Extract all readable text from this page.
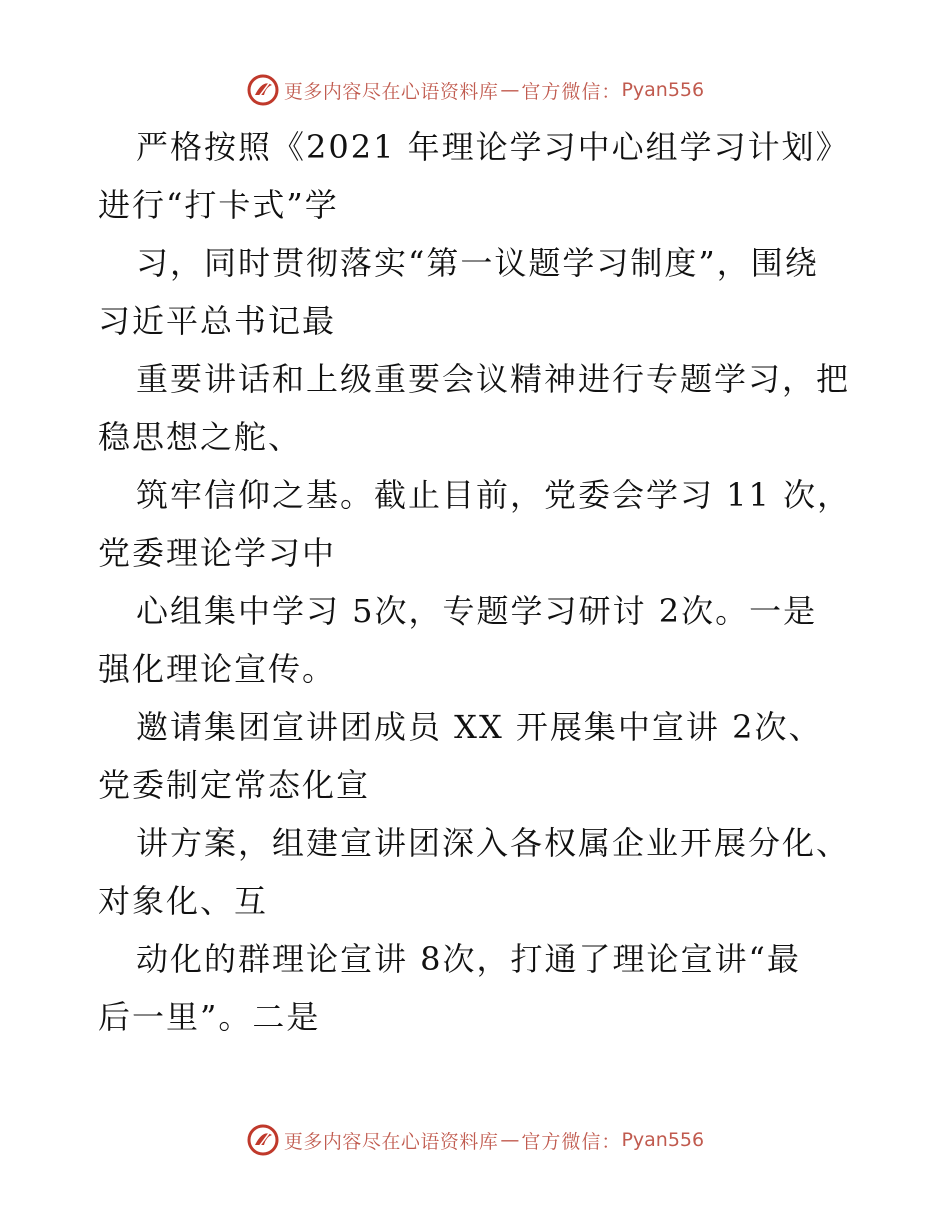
更多内容尽在心语资料库 — 官方微信： Pyan556
严格按照《2021 年理论学习中心组学习计划》
进行“打卡式”学
习，同时贯彻落实“第一议题学习制度”，围绕
习近平总书记最
重要讲话和上级重要会议精神进行专题学习，把
稳思想之舵、
筑牢信仰之基。截止目前，党委会学习 11 次，
党委理论学习中
心组集中学习 5次，专题学习研讨 2次。一是
强化理论宣传。
邀请集团宣讲团成员 XX 开展集中宣讲 2次、
党委制定常态化宣
讲方案，组建宣讲团深入各权属企业开展分化、
对象化、互
动化的群理论宣讲 8次，打通了理论宣讲“最
后一里”。二是
更多内容尽在心语资料库 — 官方微信： Pyan556
